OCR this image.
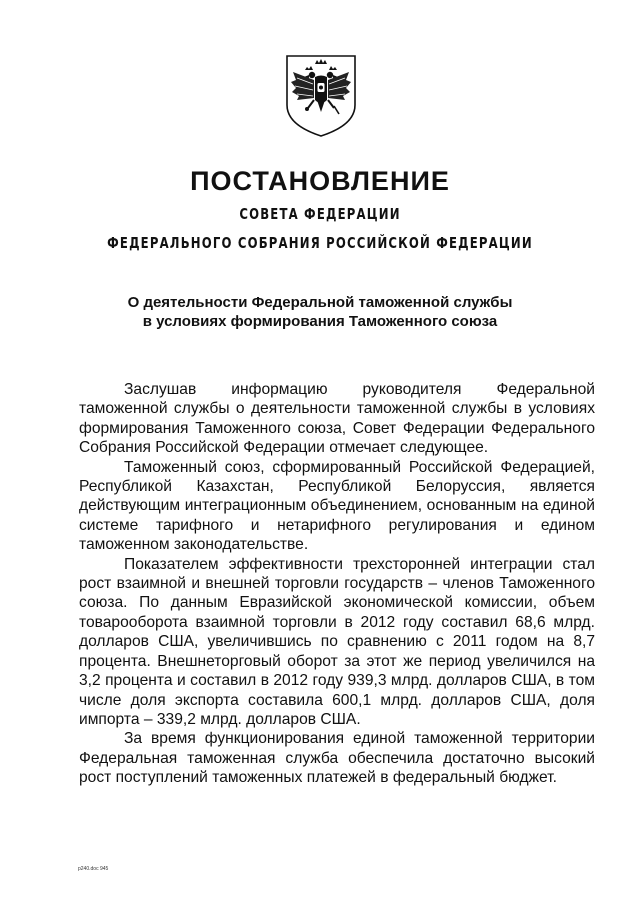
ПОСТАНОВЛЕНИЕ
СОВЕТА ФЕДЕРАЦИИ
ФЕДЕРАЛЬНОГО СОБРАНИЯ РОССИЙСКОЙ ФЕДЕРАЦИИ
О деятельности Федеральной таможенной службы
в условиях формирования Таможенного союза

Заслушав информацию руководителя Федеральной таможенной службы о деятельности таможенной службы в условиях формирования Таможенного союза, Совет Федерации Федерального Собрания Российской Федерации отмечает следующее.

Таможенный союз, сформированный Российской Федерацией, Республикой Казахстан, Республикой Белоруссия, является действующим интеграционным объединением, основанным на единой системе тарифного и нетарифного регулирования и едином таможенном законодательстве.

Показателем эффективности трехсторонней интеграции стал рост взаимной и внешней торговли государств – членов Таможенного союза. По данным Евразийской экономической комиссии, объем товарооборота взаимной торговли в 2012 году составил 68,6 млрд. долларов США, увеличившись по сравнению с 2011 годом на 8,7 процента. Внешнеторговый оборот за этот же период увеличился на 3,2 процента и составил в 2012 году 939,3 млрд. долларов США, в том числе доля экспорта составила 600,1 млрд. долларов США, доля импорта – 339,2 млрд. долларов США.

За время функционирования единой таможенной территории Федеральная таможенная служба обеспечила достаточно высокий рост поступлений таможенных платежей в федеральный бюджет.

p240.doc 945
